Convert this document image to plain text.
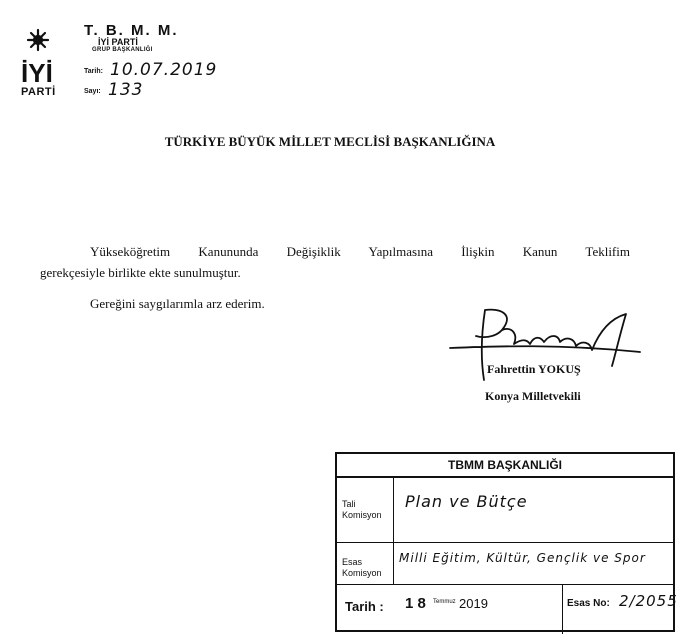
İYİ
PARTİ
T. B. M. M.
İYİ PARTİ
GRUP BAŞKANLIĞI
Tarih: 10.07.2019
Sayı: 133
TÜRKİYE BÜYÜK MİLLET MECLİSİ BAŞKANLIĞINA
Yükseköğretim Kanununda Değişiklik Yapılmasına İlişkin Kanun Teklifim
gerekçesiyle birlikte ekte sunulmuştur.
Gereğini saygılarımla arz ederim.
Fahrettin YOKUŞ
Konya Milletvekili
TBMM BAŞKANLIĞI
Tali
Komisyon
Plan ve Bütçe
Esas
Komisyon
Milli Eğitim, Kültür, Gençlik ve Spor
Tarih : 1 8 Temmuz 2019	Esas No: 2/2055
